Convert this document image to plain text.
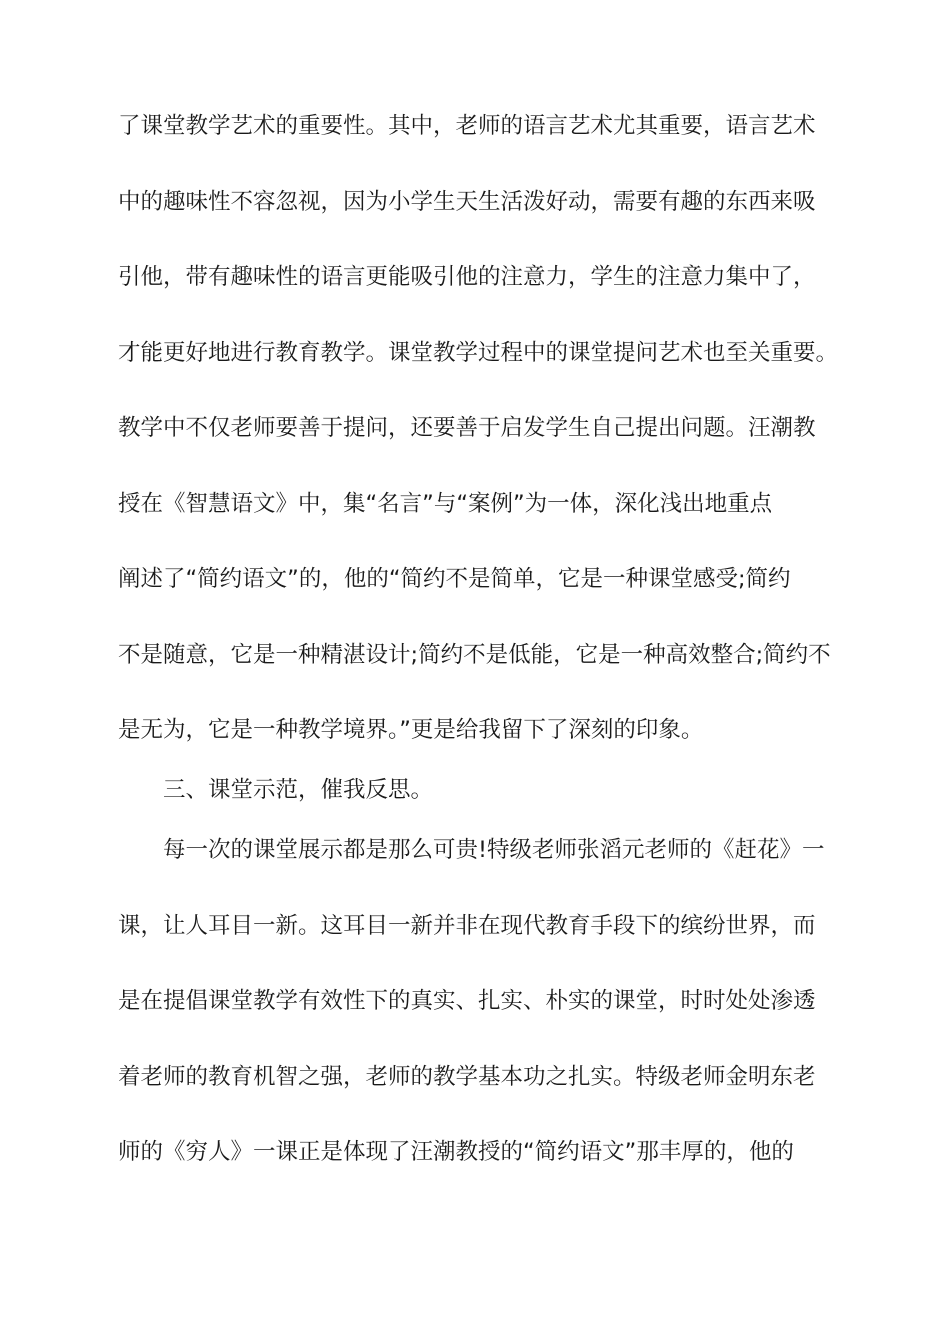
了课堂教学艺术的重要性。其中，老师的语言艺术尤其重要，语言艺术
中的趣味性不容忽视，因为小学生天生活泼好动，需要有趣的东西来吸
引他，带有趣味性的语言更能吸引他的注意力，学生的注意力集中了，
才能更好地进行教育教学。课堂教学过程中的课堂提问艺术也至关重要。
教学中不仅老师要善于提问，还要善于启发学生自己提出问题。汪潮教
授在《智慧语文》中，集“名言”与“案例”为一体，深化浅出地重点
阐述了“简约语文”的，他的“简约不是简单，它是一种课堂感受;简约
不是随意，它是一种精湛设计;简约不是低能，它是一种高效整合;简约不
是无为，它是一种教学境界。”更是给我留下了深刻的印象。
三、课堂示范，催我反思。
每一次的课堂展示都是那么可贵!特级老师张滔元老师的《赶花》一
课，让人耳目一新。这耳目一新并非在现代教育手段下的缤纷世界，而
是在提倡课堂教学有效性下的真实、扎实、朴实的课堂，时时处处渗透
着老师的教育机智之强，老师的教学基本功之扎实。特级老师金明东老
师的《穷人》一课正是体现了汪潮教授的“简约语文”那丰厚的，他的
